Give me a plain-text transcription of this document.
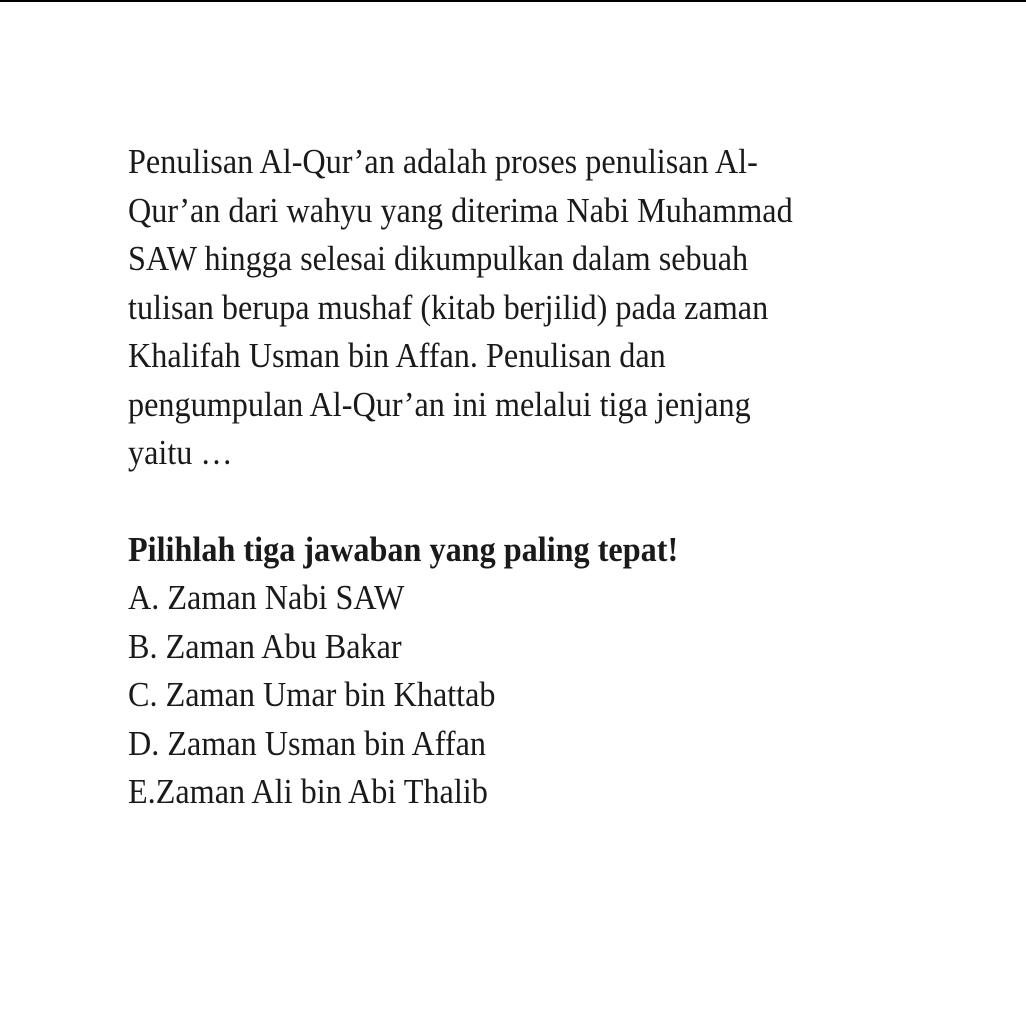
Penulisan Al-Qur’an adalah proses penulisan Al-
Qur’an dari wahyu yang diterima Nabi Muhammad
SAW hingga selesai dikumpulkan dalam sebuah
tulisan berupa mushaf (kitab berjilid) pada zaman
Khalifah Usman bin Affan. Penulisan dan
pengumpulan Al-Qur’an ini melalui tiga jenjang
yaitu …
Pilihlah tiga jawaban yang paling tepat!
A. Zaman Nabi SAW
B. Zaman Abu Bakar
C. Zaman Umar bin Khattab
D. Zaman Usman bin Affan
E.Zaman Ali bin Abi Thalib
